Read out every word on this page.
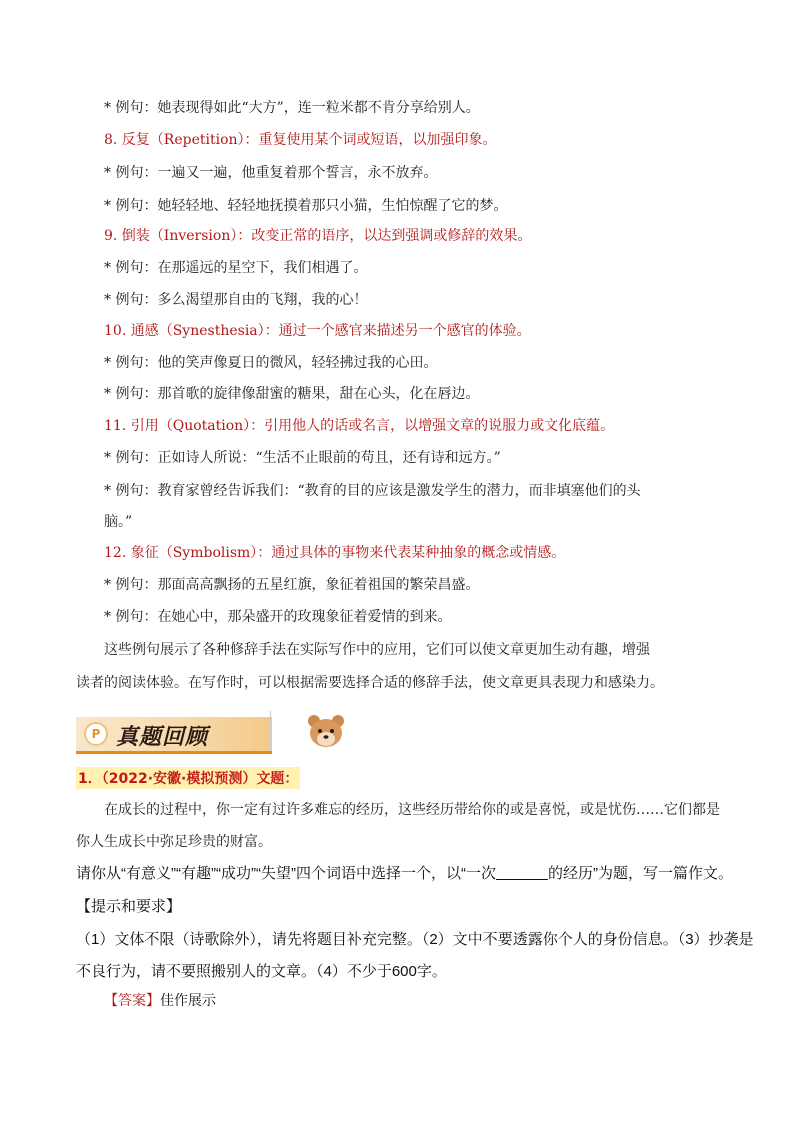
* 例句：她表现得如此“大方”，连一粒米都不肯分享给别人。
8. 反复（Repetition）：重复使用某个词或短语，以加强印象。
* 例句：一遍又一遍，他重复着那个誓言，永不放弃。
* 例句：她轻轻地、轻轻地抚摸着那只小猫，生怕惊醒了它的梦。
9. 倒装（Inversion）：改变正常的语序，以达到强调或修辞的效果。
* 例句：在那遥远的星空下，我们相遇了。
* 例句：多么渴望那自由的飞翔，我的心！
10. 通感（Synesthesia）：通过一个感官来描述另一个感官的体验。
* 例句：他的笑声像夏日的微风，轻轻拂过我的心田。
* 例句：那首歌的旋律像甜蜜的糖果，甜在心头，化在唇边。
11. 引用（Quotation）：引用他人的话或名言，以增强文章的说服力或文化底蕴。
* 例句：正如诗人所说：“生活不止眼前的苟且，还有诗和远方。”
* 例句：教育家曾经告诉我们：“教育的目的应该是激发学生的潜力，而非填塞他们的头
脑。”
12. 象征（Symbolism）：通过具体的事物来代表某种抽象的概念或情感。
* 例句：那面高高飘扬的五星红旗，象征着祖国的繁荣昌盛。
* 例句：在她心中，那朵盛开的玫瑰象征着爱情的到来。
这些例句展示了各种修辞手法在实际写作中的应用，它们可以使文章更加生动有趣，增强
读者的阅读体验。在写作时，可以根据需要选择合适的修辞手法，使文章更具表现力和感染力。
P 真题回顾
1．（2022·安徽·模拟预测）文题：
在成长的过程中，你一定有过许多难忘的经历，这些经历带给你的或是喜悦，或是忧伤……它们都是
你人生成长中弥足珍贵的财富。
请你从“有意义”“有趣”“成功”“失望”四个词语中选择一个，以“一次	的经历”为题，写一篇作文。
【提示和要求】
（1）文体不限（诗歌除外），请先将题目补充完整。（2）文中不要透露你个人的身份信息。（3）抄袭是
不良行为，请不要照搬别人的文章。（4）不少于600字。
【答案】佳作展示
